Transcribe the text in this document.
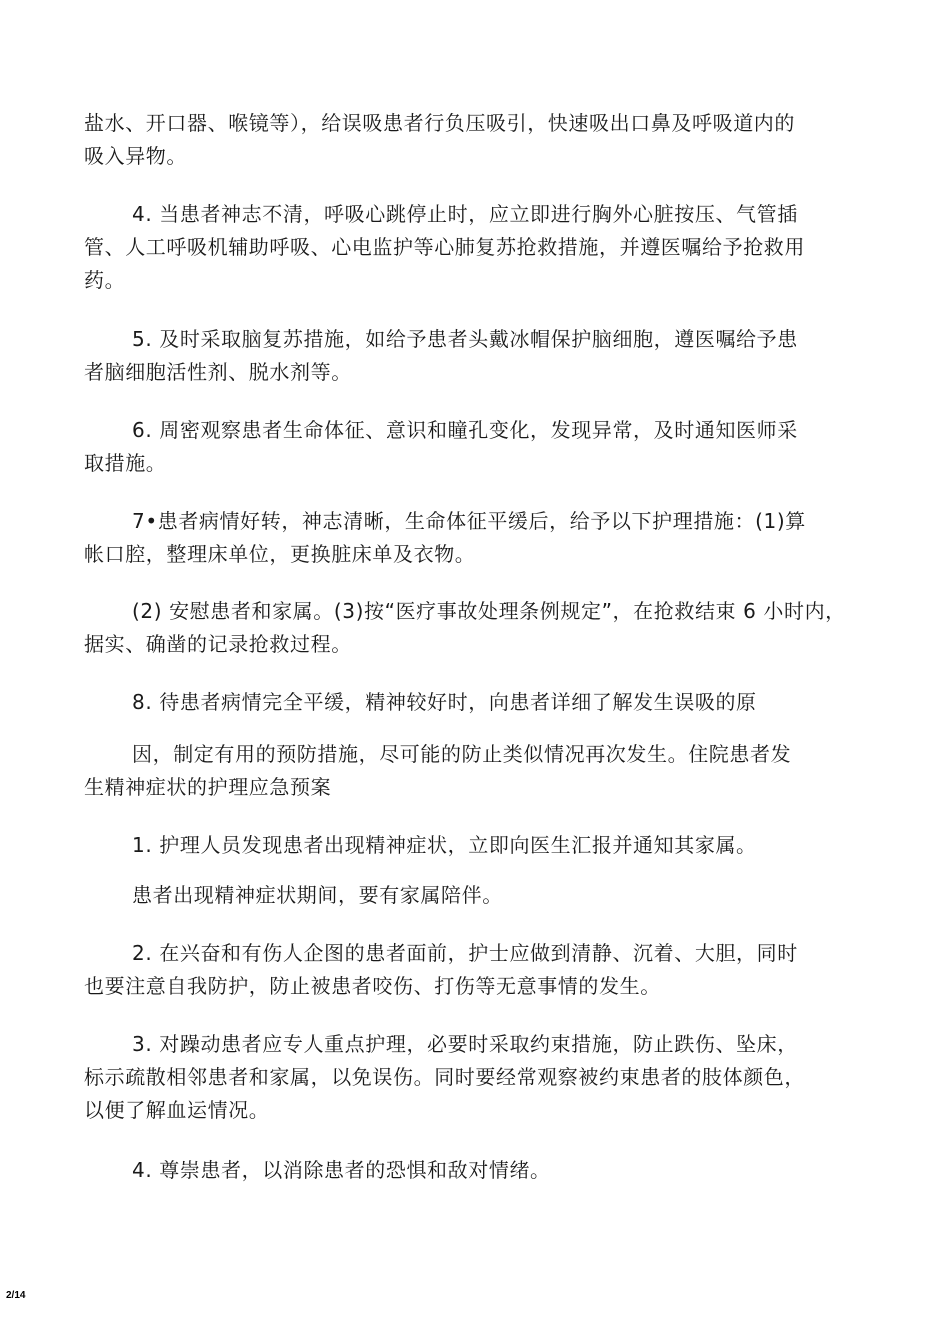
盐水、开口器、喉镜等），给误吸患者行负压吸引，快速吸出口鼻及呼吸道内的
吸入异物。

4. 当患者神志不清，呼吸心跳停止时，应立即进行胸外心脏按压、气管插
管、人工呼吸机辅助呼吸、心电监护等心肺复苏抢救措施，并遵医嘱给予抢救用
药。

5. 及时采取脑复苏措施，如给予患者头戴冰帽保护脑细胞，遵医嘱给予患
者脑细胞活性剂、脱水剂等。

6. 周密观察患者生命体征、意识和瞳孔变化，发现异常，及时通知医师采
取措施。

7•患者病情好转，神志清晰，生命体征平缓后，给予以下护理措施：(1)算
帐口腔，整理床单位，更换脏床单及衣物。

(2) 安慰患者和家属。(3)按“医疗事故处理条例规定”，在抢救结束 6 小时内，
据实、确凿的记录抢救过程。

8. 待患者病情完全平缓，精神较好时，向患者详细了解发生误吸的原

因，制定有用的预防措施，尽可能的防止类似情况再次发生。住院患者发
生精神症状的护理应急预案

1. 护理人员发现患者出现精神症状，立即向医生汇报并通知其家属。

患者出现精神症状期间，要有家属陪伴。

2. 在兴奋和有伤人企图的患者面前，护士应做到清静、沉着、大胆，同时
也要注意自我防护，防止被患者咬伤、打伤等无意事情的发生。

3. 对躁动患者应专人重点护理，必要时采取约束措施，防止跌伤、坠床，
标示疏散相邻患者和家属，以免误伤。同时要经常观察被约束患者的肢体颜色，
以便了解血运情况。

4. 尊崇患者，以消除患者的恐惧和敌对情绪。

2/14
